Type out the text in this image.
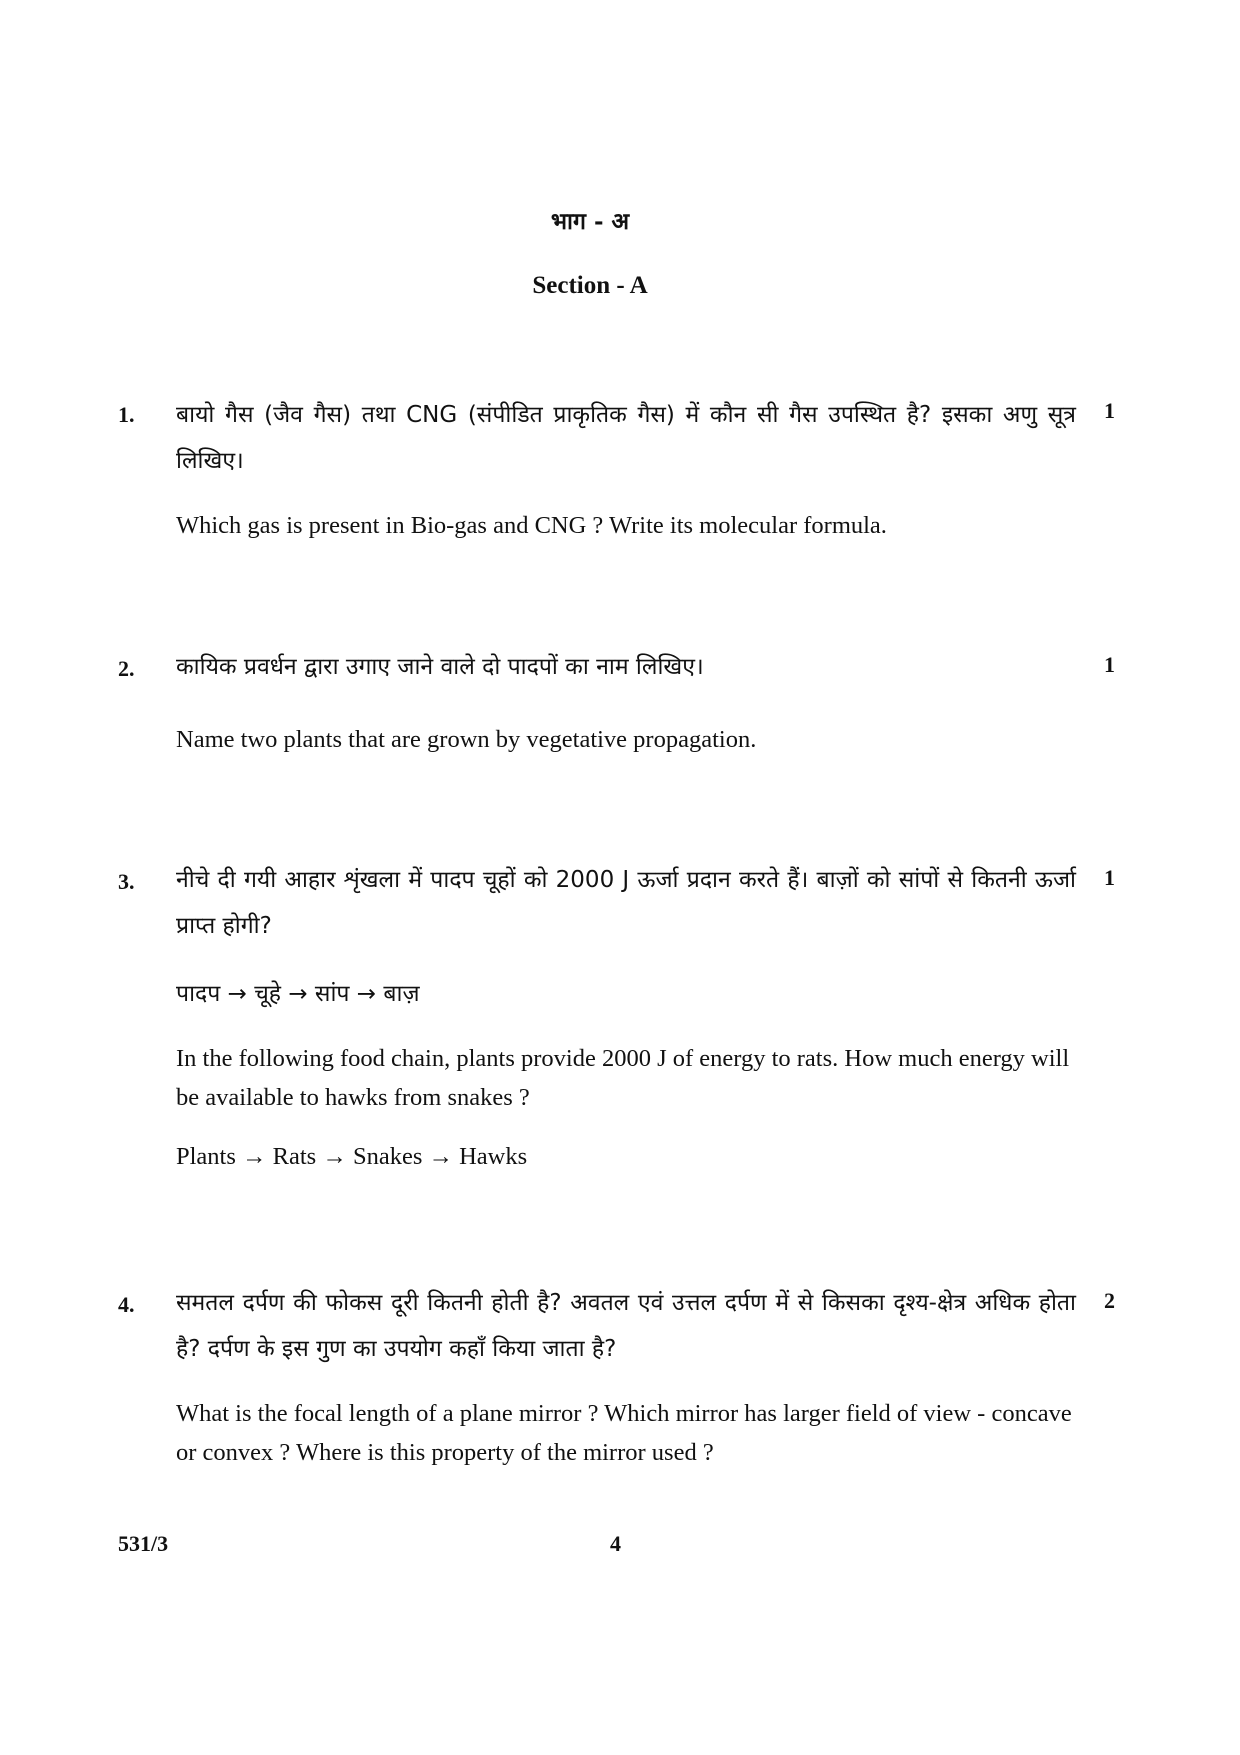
भाग - अ
Section - A
1.	1

बायो गैस (जैव गैस) तथा CNG (संपीडित प्राकृतिक गैस) में कौन सी गैस उपस्थित है? इसका अणु सूत्र लिखिए।

Which gas is present in Bio-gas and CNG ? Write its molecular formula.

2.	1

कायिक प्रवर्धन द्वारा उगाए जाने वाले दो पादपों का नाम लिखिए।

Name two plants that are grown by vegetative propagation.

3.	1

नीचे दी गयी आहार शृंखला में पादप चूहों को 2000 J ऊर्जा प्रदान करते हैं। बाज़ों को सांपों से कितनी ऊर्जा प्राप्त होगी?

पादप → चूहे → सांप → बाज़

In the following food chain, plants provide 2000 J of energy to rats. How much energy will be available to hawks from snakes ?

Plants → Rats → Snakes → Hawks

4.	2

समतल दर्पण की फोकस दूरी कितनी होती है? अवतल एवं उत्तल दर्पण में से किसका दृश्य-क्षेत्र अधिक होता है? दर्पण के इस गुण का उपयोग कहाँ किया जाता है?

What is the focal length of a plane mirror ? Which mirror has larger field of view - concave or convex ? Where is this property of the mirror used ?

531/3	4
